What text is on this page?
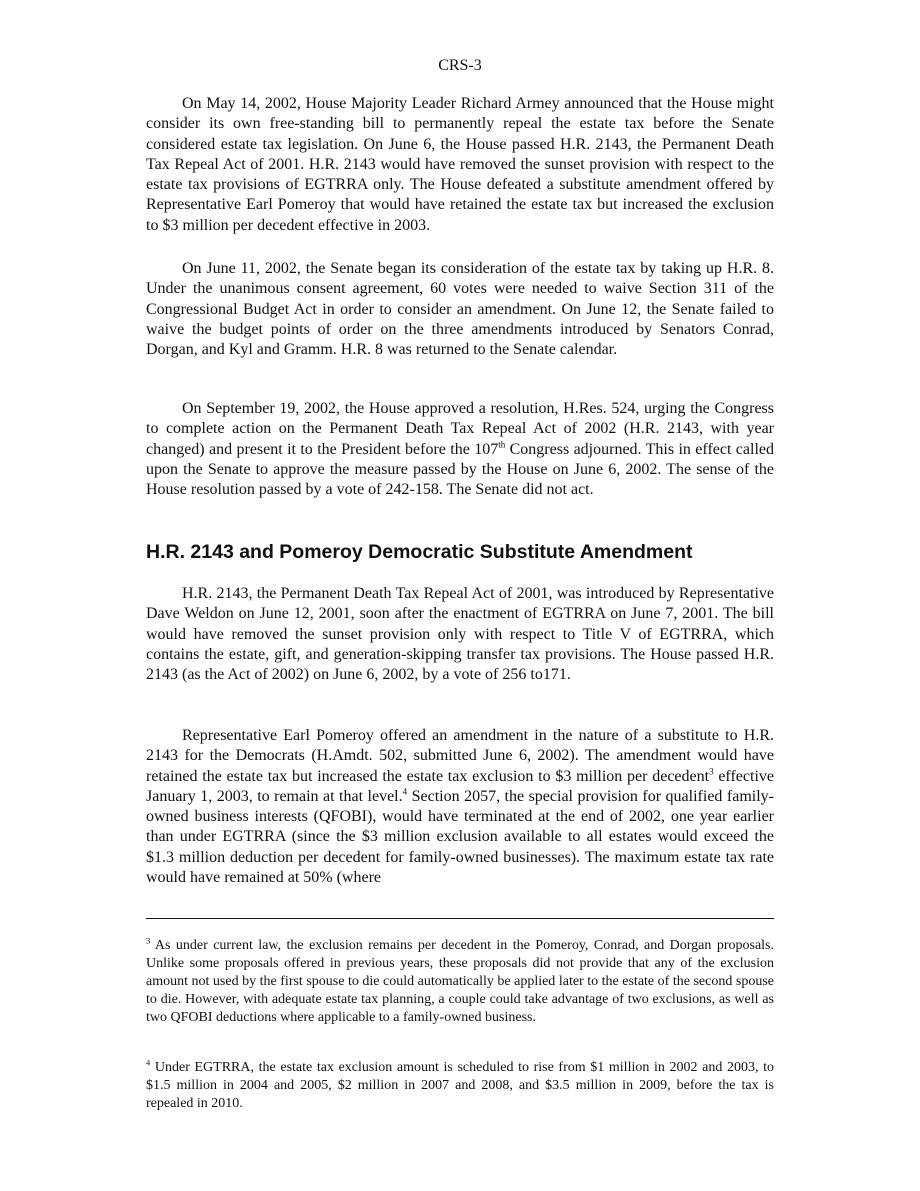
CRS-3

On May 14, 2002, House Majority Leader Richard Armey announced that the House might consider its own free-standing bill to permanently repeal the estate tax before the Senate considered estate tax legislation. On June 6, the House passed H.R. 2143, the Permanent Death Tax Repeal Act of 2001. H.R. 2143 would have removed the sunset provision with respect to the estate tax provisions of EGTRRA only. The House defeated a substitute amendment offered by Representative Earl Pomeroy that would have retained the estate tax but increased the exclusion to $3 million per decedent effective in 2003.

On June 11, 2002, the Senate began its consideration of the estate tax by taking up H.R. 8. Under the unanimous consent agreement, 60 votes were needed to waive Section 311 of the Congressional Budget Act in order to consider an amendment. On June 12, the Senate failed to waive the budget points of order on the three amendments introduced by Senators Conrad, Dorgan, and Kyl and Gramm. H.R. 8 was returned to the Senate calendar.

On September 19, 2002, the House approved a resolution, H.Res. 524, urging the Congress to complete action on the Permanent Death Tax Repeal Act of 2002 (H.R. 2143, with year changed) and present it to the President before the 107th Congress adjourned. This in effect called upon the Senate to approve the measure passed by the House on June 6, 2002. The sense of the House resolution passed by a vote of 242-158. The Senate did not act.

H.R. 2143 and Pomeroy Democratic Substitute Amendment

H.R. 2143, the Permanent Death Tax Repeal Act of 2001, was introduced by Representative Dave Weldon on June 12, 2001, soon after the enactment of EGTRRA on June 7, 2001. The bill would have removed the sunset provision only with respect to Title V of EGTRRA, which contains the estate, gift, and generation-skipping transfer tax provisions. The House passed H.R. 2143 (as the Act of 2002) on June 6, 2002, by a vote of 256 to171.

Representative Earl Pomeroy offered an amendment in the nature of a substitute to H.R. 2143 for the Democrats (H.Amdt. 502, submitted June 6, 2002). The amendment would have retained the estate tax but increased the estate tax exclusion to $3 million per decedent$^3$ effective January 1, 2003, to remain at that level.$^4$ Section 2057, the special provision for qualified family-owned business interests (QFOBI), would have terminated at the end of 2002, one year earlier than under EGTRRA (since the $3 million exclusion available to all estates would exceed the $1.3 million deduction per decedent for family-owned businesses). The maximum estate tax rate would have remained at 50% (where

$^3$ As under current law, the exclusion remains per decedent in the Pomeroy, Conrad, and Dorgan proposals. Unlike some proposals offered in previous years, these proposals did not provide that any of the exclusion amount not used by the first spouse to die could automatically be applied later to the estate of the second spouse to die. However, with adequate estate tax planning, a couple could take advantage of two exclusions, as well as two QFOBI deductions where applicable to a family-owned business.

$^4$ Under EGTRRA, the estate tax exclusion amount is scheduled to rise from $1 million in 2002 and 2003, to $1.5 million in 2004 and 2005, $2 million in 2007 and 2008, and $3.5 million in 2009, before the tax is repealed in 2010.
